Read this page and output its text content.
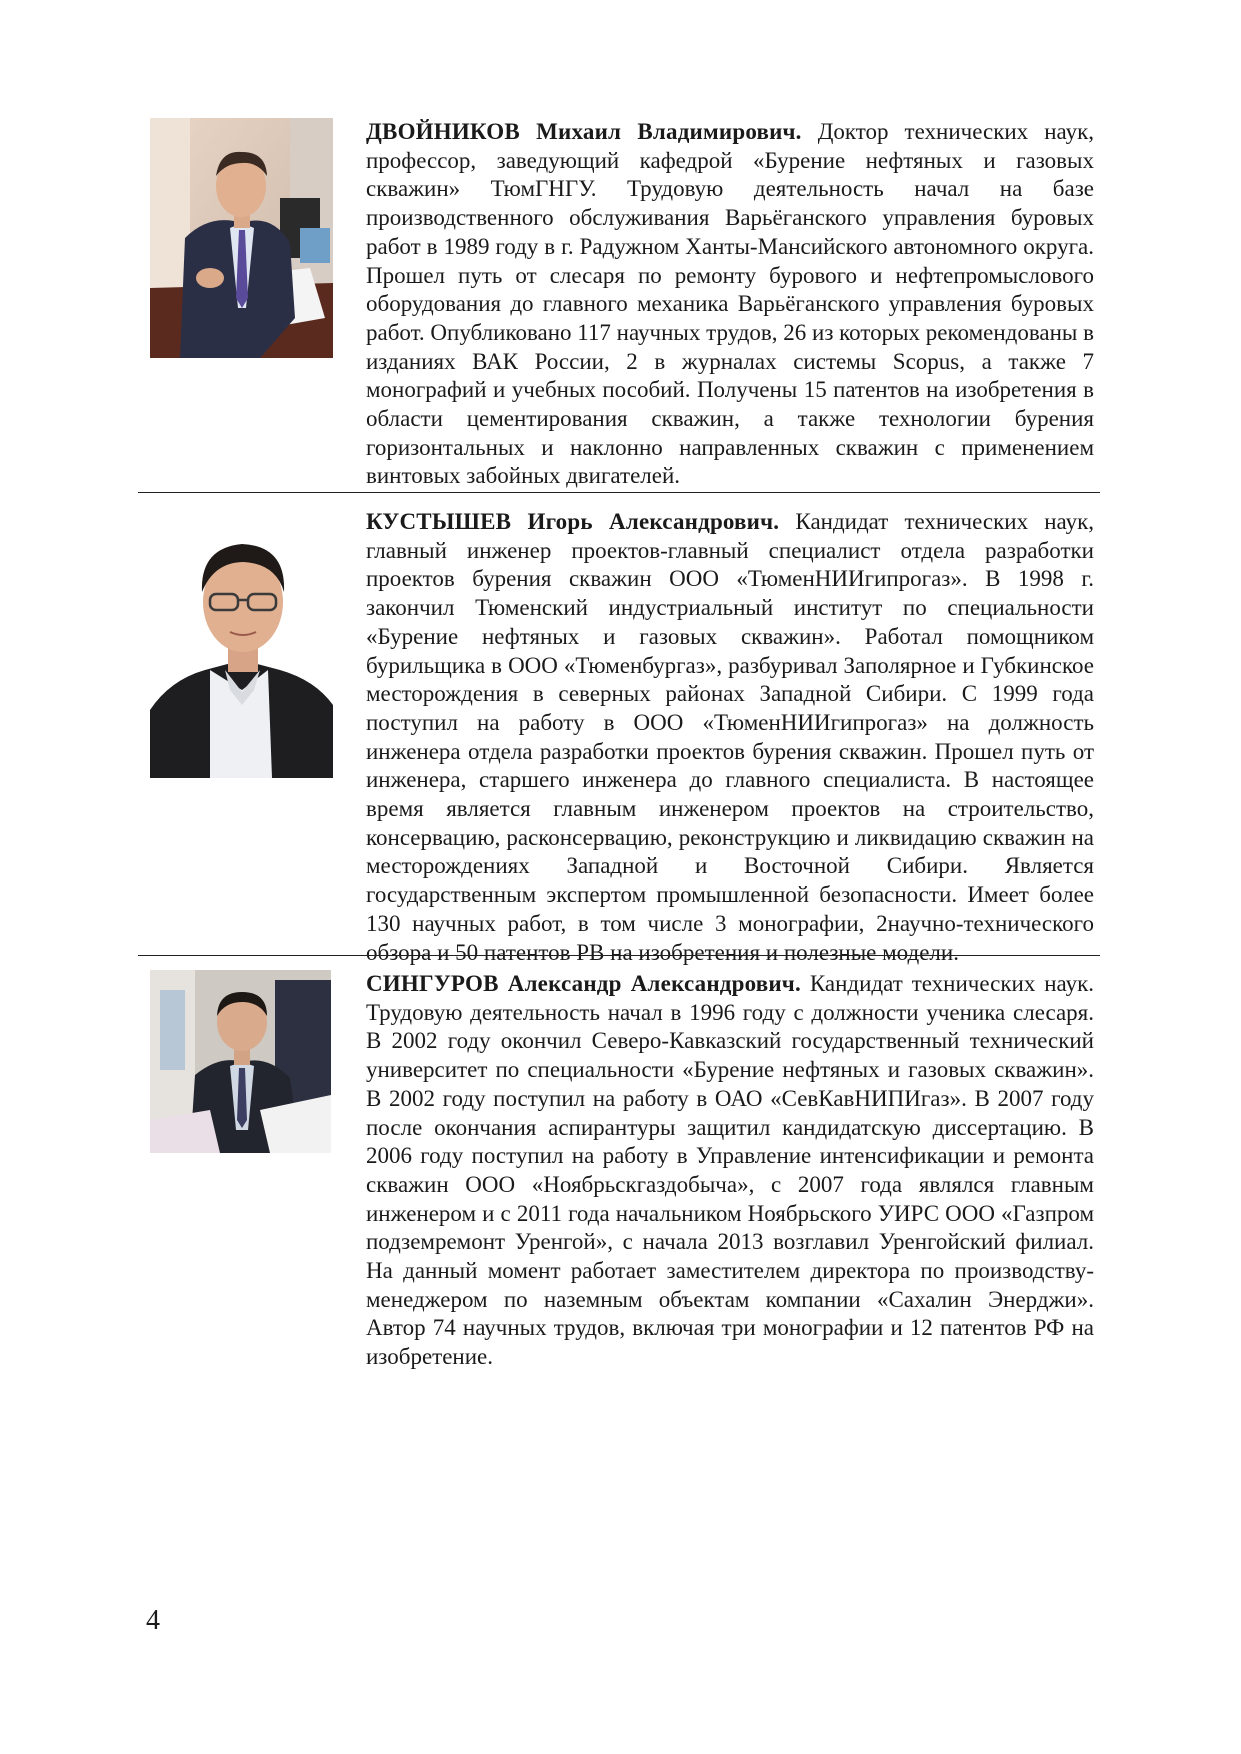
ДВОЙНИКОВ Михаил Владимирович. Доктор технических наук, профессор, заведующий кафедрой «Бурение нефтяных и газовых скважин» ТюмГНГУ. Трудовую деятельность начал на базе производственного обслуживания Варьёганского управления буровых работ в 1989 году в г. Радужном Ханты-Мансийского автономного округа. Прошел путь от слесаря по ремонту бурового и нефтепромыслового оборудования до главного механика Варьёганского управления буровых работ. Опубликовано 117 научных трудов, 26 из которых рекомендованы в изданиях ВАК России, 2 в журналах системы Scopus, а также 7 монографий и учебных пособий. Получены 15 патентов на изобретения в области цементирования скважин, а также технологии бурения горизонтальных и наклонно направленных скважин с применением винтовых забойных двигателей.

КУСТЫШЕВ Игорь Александрович. Кандидат технических наук, главный инженер проектов-главный специалист отдела разработки проектов бурения скважин ООО «ТюменНИИгипрогаз». В 1998 г. закончил Тюменский индустриальный институт по специальности «Бурение нефтяных и газовых скважин». Работал помощником бурильщика в ООО «Тюменбургаз», разбуривал Заполярное и Губкинское месторождения в северных районах Западной Сибири. С 1999 года поступил на работу в ООО «ТюменНИИгипрогаз» на должность инженера отдела разработки проектов бурения скважин. Прошел путь от инженера, старшего инженера до главного специалиста. В настоящее время является главным инженером проектов на строительство, консервацию, расконсервацию, реконструкцию и ликвидацию скважин на месторождениях Западной и Восточной Сибири. Является государственным экспертом промышленной безопасности. Имеет более 130 научных работ, в том числе 3 монографии, 2научно-технического обзора и 50 патентов РВ на изобретения и полезные модели.

СИНГУРОВ Александр Александрович. Кандидат технических наук. Трудовую деятельность начал в 1996 году с должности ученика слесаря. В 2002 году окончил Северо-Кавказский государственный технический университет по специальности «Бурение нефтяных и газовых скважин». В 2002 году поступил на работу в ОАО «СевКавНИПИгаз». В 2007 году после окончания аспирантуры защитил кандидатскую диссертацию. В 2006 году поступил на работу в Управление интенсификации и ремонта скважин ООО «Ноябрьскгаздобыча», с 2007 года являлся главным инженером и с 2011 года начальником Ноябрьского УИРС ООО «Газпром подземремонт Уренгой», с начала 2013 возглавил Уренгойский филиал. На данный момент работает заместителем директора по производству-менеджером по наземным объектам компании «Сахалин Энерджи». Автор 74 научных трудов, включая три монографии и 12 патентов РФ на изобретение.

4
